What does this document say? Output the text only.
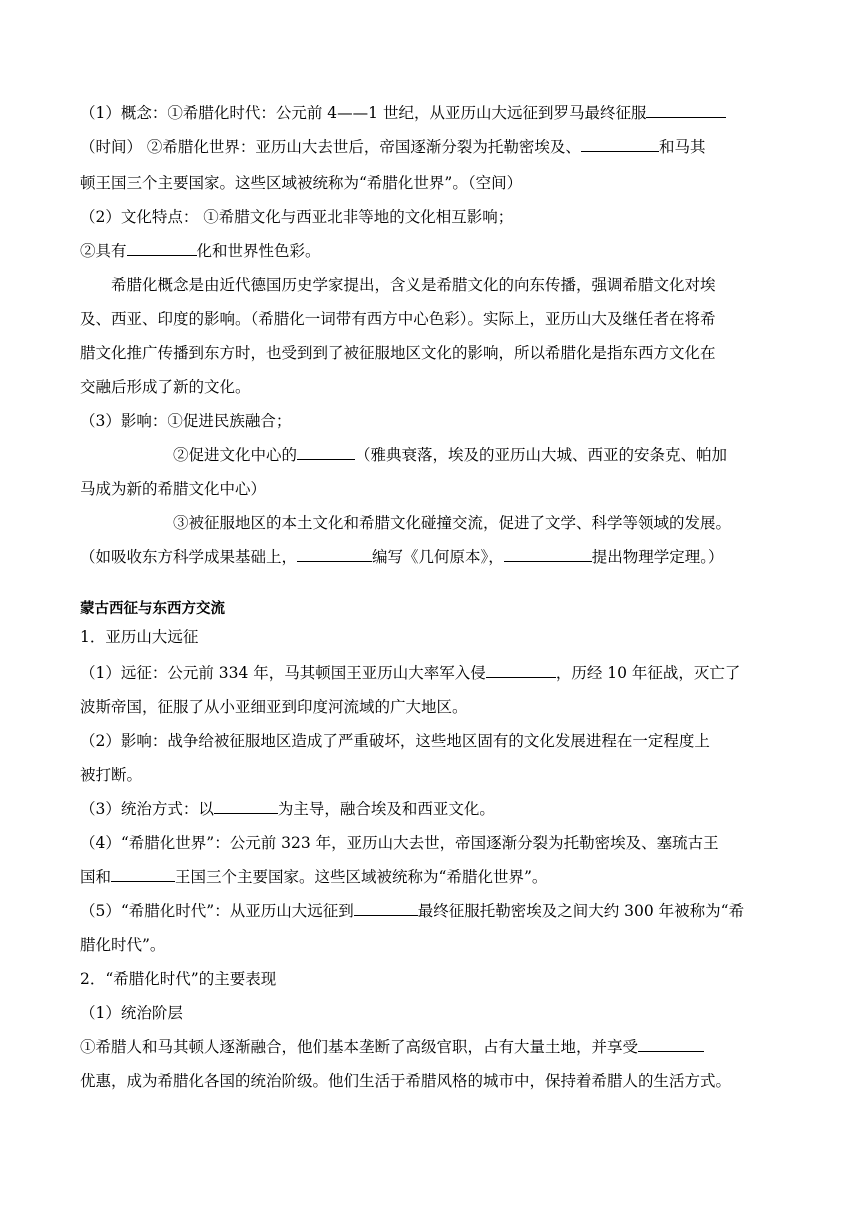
（1）概念：①希腊化时代：公元前 4——1 世纪，从亚历山大远征到罗马最终征服
（时间） ②希腊化世界：亚历山大去世后，帝国逐渐分裂为托勒密埃及、	和马其
顿王国三个主要国家。这些区域被统称为“希腊化世界”。（空间）
（2）文化特点： ①希腊文化与西亚北非等地的文化相互影响；
②具有	化和世界性色彩。
　　希腊化概念是由近代德国历史学家提出，含义是希腊文化的向东传播，强调希腊文化对埃
及、西亚、印度的影响。（希腊化一词带有西方中心色彩）。实际上，亚历山大及继任者在将希
腊文化推广传播到东方时，也受到到了被征服地区文化的影响，所以希腊化是指东西方文化在
交融后形成了新的文化。
（3）影响：①促进民族融合；
　　　　　　②促进文化中心的	（雅典衰落，埃及的亚历山大城、西亚的安条克、帕加
马成为新的希腊文化中心）
　　　　　　③被征服地区的本土文化和希腊文化碰撞交流，促进了文学、科学等领域的发展。
（如吸收东方科学成果基础上，	编写《几何原本》，	提出物理学定理。）
蒙古西征与东西方交流
1．亚历山大远征
（1）远征：公元前 334 年，马其顿国王亚历山大率军入侵	，历经 10 年征战，灭亡了
波斯帝国，征服了从小亚细亚到印度河流域的广大地区。
（2）影响：战争给被征服地区造成了严重破坏，这些地区固有的文化发展进程在一定程度上
被打断。
（3）统治方式：以	为主导，融合埃及和西亚文化。
（4）“希腊化世界”：公元前 323 年，亚历山大去世，帝国逐渐分裂为托勒密埃及、塞琉古王
国和	王国三个主要国家。这些区域被统称为“希腊化世界”。
（5）“希腊化时代”：从亚历山大远征到	最终征服托勒密埃及之间大约 300 年被称为“希
腊化时代”。
2．“希腊化时代”的主要表现
（1）统治阶层
①希腊人和马其顿人逐渐融合，他们基本垄断了高级官职，占有大量土地，并享受
优惠，成为希腊化各国的统治阶级。他们生活于希腊风格的城市中，保持着希腊人的生活方式。
